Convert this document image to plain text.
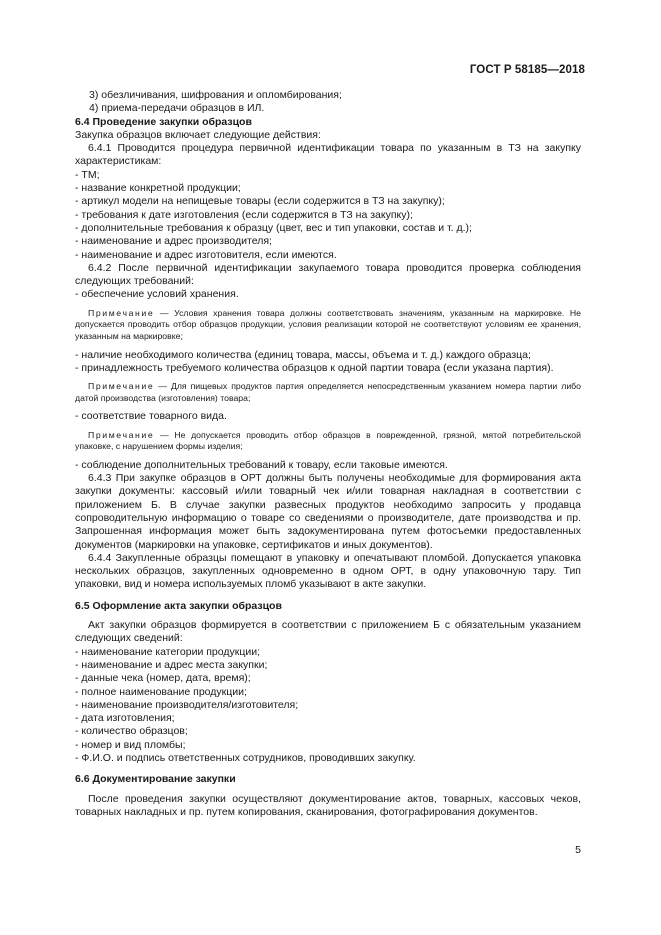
ГОСТ Р 58185—2018

3) обезличивания, шифрования и опломбирования;

4) приема-передачи образцов в ИЛ.

6.4 Проведение закупки образцов

Закупка образцов включает следующие действия:

6.4.1 Проводится процедура первичной идентификации товара по указанным в ТЗ на закупку характеристикам:

- ТМ;

- название конкретной продукции;

- артикул модели на непищевые товары (если содержится в ТЗ на закупку);

- требования к дате изготовления (если содержится в ТЗ на закупку);

- дополнительные требования к образцу (цвет, вес и тип упаковки, состав и т. д.);

- наименование и адрес производителя;

- наименование и адрес изготовителя, если имеются.

6.4.2 После первичной идентификации закупаемого товара проводится проверка соблюдения следующих требований:

- обеспечение условий хранения.

Примечание — Условия хранения товара должны соответствовать значениям, указанным на маркировке. Не допускается проводить отбор образцов продукции, условия реализации которой не соответствуют условиям ее хранения, указанным на маркировке;

- наличие необходимого количества (единиц товара, массы, объема и т. д.) каждого образца;

- принадлежность требуемого количества образцов к одной партии товара (если указана партия).

Примечание — Для пищевых продуктов партия определяется непосредственным указанием номера партии либо датой производства (изготовления) товара;

- соответствие товарного вида.

Примечание — Не допускается проводить отбор образцов в поврежденной, грязной, мятой потребительской упаковке, с нарушением формы изделия;

- соблюдение дополнительных требований к товару, если таковые имеются.

6.4.3 При закупке образцов в ОРТ должны быть получены необходимые для формирования акта закупки документы: кассовый и/или товарный чек и/или товарная накладная в соответствии с приложением Б. В случае закупки развесных продуктов необходимо запросить у продавца сопроводительную информацию о товаре со сведениями о производителе, дате производства и пр. Запрошенная информация может быть задокументирована путем фотосъемки предоставленных документов (маркировки на упаковке, сертификатов и иных документов).

6.4.4 Закупленные образцы помещают в упаковку и опечатывают пломбой. Допускается упаковка нескольких образцов, закупленных одновременно в одном ОРТ, в одну упаковочную тару. Тип упаковки, вид и номера используемых пломб указывают в акте закупки.

6.5 Оформление акта закупки образцов

Акт закупки образцов формируется в соответствии с приложением Б с обязательным указанием следующих сведений:

- наименование категории продукции;

- наименование и адрес места закупки;

- данные чека (номер, дата, время);

- полное наименование продукции;

- наименование производителя/изготовителя;

- дата изготовления;

- количество образцов;

- номер и вид пломбы;

- Ф.И.О. и подпись ответственных сотрудников, проводивших закупку.

6.6 Документирование закупки

После проведения закупки осуществляют документирование актов, товарных, кассовых чеков, товарных накладных и пр. путем копирования, сканирования, фотографирования документов.

5
